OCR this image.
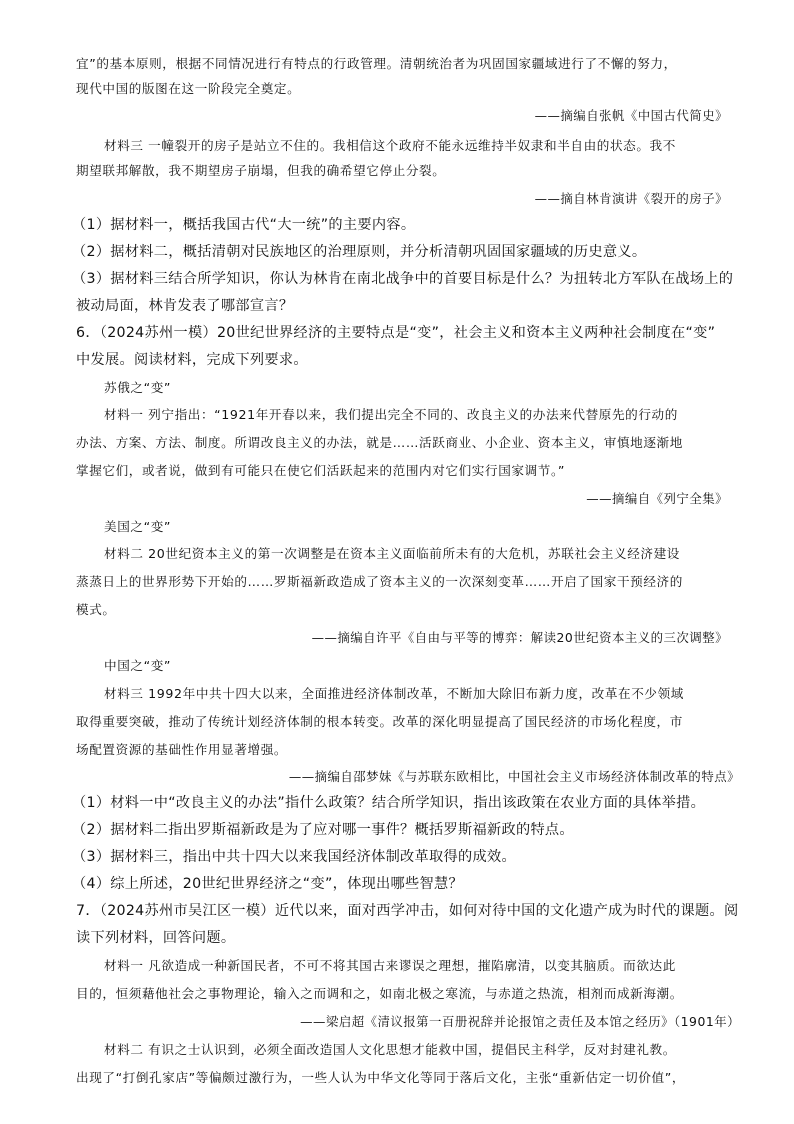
宜”的基本原则，根据不同情况进行有特点的行政管理。清朝统治者为巩固国家疆域进行了不懈的努力，
现代中国的版图在这一阶段完全奠定。
——摘编自张帆《中国古代简史》
材料三 一幢裂开的房子是站立不住的。我相信这个政府不能永远维持半奴隶和半自由的状态。我不
期望联邦解散，我不期望房子崩塌，但我的确希望它停止分裂。
——摘自林肯演讲《裂开的房子》
（1）据材料一，概括我国古代“大一统”的主要内容。
（2）据材料二，概括清朝对民族地区的治理原则，并分析清朝巩固国家疆域的历史意义。
（3）据材料三结合所学知识，你认为林肯在南北战争中的首要目标是什么？为扭转北方军队在战场上的
被动局面，林肯发表了哪部宣言？
6．（2024苏州一模）20世纪世界经济的主要特点是“变”，社会主义和资本主义两种社会制度在“变”
中发展。阅读材料，完成下列要求。
苏俄之“变”
材料一 列宁指出：“1921年开春以来，我们提出完全不同的、改良主义的办法来代替原先的行动的
办法、方案、方法、制度。所谓改良主义的办法，就是……活跃商业、小企业、资本主义，审慎地逐渐地
掌握它们，或者说，做到有可能只在使它们活跃起来的范围内对它们实行国家调节。”
——摘编自《列宁全集》
美国之“变”
材料二 20世纪资本主义的第一次调整是在资本主义面临前所未有的大危机，苏联社会主义经济建设
蒸蒸日上的世界形势下开始的……罗斯福新政造成了资本主义的一次深刻变革……开启了国家干预经济的
模式。
——摘编自许平《自由与平等的博弈：解读20世纪资本主义的三次调整》
中国之“变”
材料三 1992年中共十四大以来，全面推进经济体制改革，不断加大除旧布新力度，改革在不少领域
取得重要突破，推动了传统计划经济体制的根本转变。改革的深化明显提高了国民经济的市场化程度，市
场配置资源的基础性作用显著增强。
——摘编自邵梦妹《与苏联东欧相比，中国社会主义市场经济体制改革的特点》
（1）材料一中“改良主义的办法”指什么政策？结合所学知识，指出该政策在农业方面的具体举措。
（2）据材料二指出罗斯福新政是为了应对哪一事件？概括罗斯福新政的特点。
（3）据材料三，指出中共十四大以来我国经济体制改革取得的成效。
（4）综上所述，20世纪世界经济之“变”，体现出哪些智慧？
7．（2024苏州市吴江区一模）近代以来，面对西学冲击，如何对待中国的文化遗产成为时代的课题。阅
读下列材料，回答问题。
材料一 凡欲造成一种新国民者，不可不将其国古来谬误之理想，摧陷廓清，以变其脑质。而欲达此
目的，恒须藉他社会之事物理论，输入之而调和之，如南北极之寒流，与赤道之热流，相剂而成新海潮。
——梁启超《清议报第一百册祝辞并论报馆之责任及本馆之经历》（1901年）
材料二 有识之士认识到，必须全面改造国人文化思想才能救中国，提倡民主科学，反对封建礼教。
出现了“打倒孔家店”等偏颇过激行为，一些人认为中华文化等同于落后文化，主张“重新估定一切价值”，
